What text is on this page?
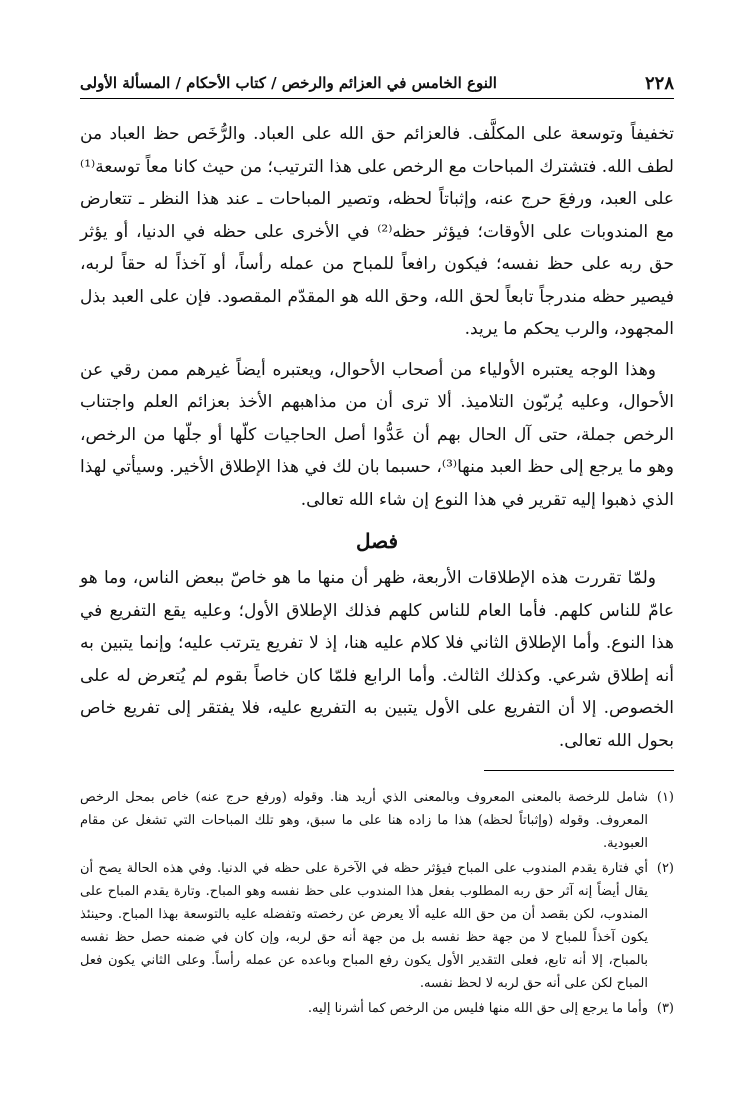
٢٢٨
النوع الخامس في العزائم والرخص / كتاب الأحكام / المسألة الأولى

تخفيفاً وتوسعة على المكلَّف. فالعزائم حق الله على العباد. والرُّخَص حظ العباد من لطف الله. فتشترك المباحات مع الرخص على هذا الترتيب؛ من حيث كانا معاً توسعة⁽¹⁾ على العبد، ورفعَ حرج عنه، وإثباتاً لحظه، وتصير المباحات ـ عند هذا النظر ـ تتعارض مع المندوبات على الأوقات؛ فيؤثر حظه⁽²⁾ في الأخرى على حظه في الدنيا، أو يؤثر حق ربه على حظ نفسه؛ فيكون رافعاً للمباح من عمله رأساً، أو آخذاً له حقاً لربه، فيصير حظه مندرجاً تابعاً لحق الله، وحق الله هو المقدّم المقصود. فإن على العبد بذل المجهود، والرب يحكم ما يريد.

وهذا الوجه يعتبره الأولياء من أصحاب الأحوال، ويعتبره أيضاً غيرهم ممن رقي عن الأحوال، وعليه يُربّون التلاميذ. ألا ترى أن من مذاهبهم الأخذ بعزائم العلم واجتناب الرخص جملة، حتى آل الحال بهم أن عَدُّوا أصل الحاجيات كلّها أو جلّها من الرخص، وهو ما يرجع إلى حظ العبد منها⁽³⁾، حسبما بان لك في هذا الإطلاق الأخير. وسيأتي لهذا الذي ذهبوا إليه تقرير في هذا النوع إن شاء الله تعالى.

فصل

ولمّا تقررت هذه الإطلاقات الأربعة، ظهر أن منها ما هو خاصّ ببعض الناس، وما هو عامّ للناس كلهم. فأما العام للناس كلهم فذلك الإطلاق الأول؛ وعليه يقع التفريع في هذا النوع. وأما الإطلاق الثاني فلا كلام عليه هنا، إذ لا تفريع يترتب عليه؛ وإنما يتبين به أنه إطلاق شرعي. وكذلك الثالث. وأما الرابع فلمّا كان خاصاً بقوم لم يُتعرض له على الخصوص. إلا أن التفريع على الأول يتبين به التفريع عليه، فلا يفتقر إلى تفريع خاص بحول الله تعالى.

(١)
شامل للرخصة بالمعنى المعروف وبالمعنى الذي أريد هنا. وقوله (ورفع حرج عنه) خاص بمحل الرخص المعروف. وقوله (وإثباتاً لحظه) هذا ما زاده هنا على ما سبق، وهو تلك المباحات التي تشغل عن مقام العبودية.
(٢)
أي فتارة يقدم المندوب على المباح فيؤثر حظه في الآخرة على حظه في الدنيا. وفي هذه الحالة يصح أن يقال أيضاً إنه آثر حق ربه المطلوب بفعل هذا المندوب على حظ نفسه وهو المباح. وتارة يقدم المباح على المندوب، لكن بقصد أن من حق الله عليه ألا يعرض عن رخصته وتفضله عليه بالتوسعة بهذا المباح. وحينئذ يكون آخذاً للمباح لا من جهة حظ نفسه بل من جهة أنه حق لربه، وإن كان في ضمنه حصل حظ نفسه بالمباح، إلا أنه تابع، فعلى التقدير الأول يكون رفع المباح وباعده عن عمله رأساً. وعلى الثاني يكون فعل المباح لكن على أنه حق لربه لا لحظ نفسه.
(٣)
وأما ما يرجع إلى حق الله منها فليس من الرخص كما أشرنا إليه.
